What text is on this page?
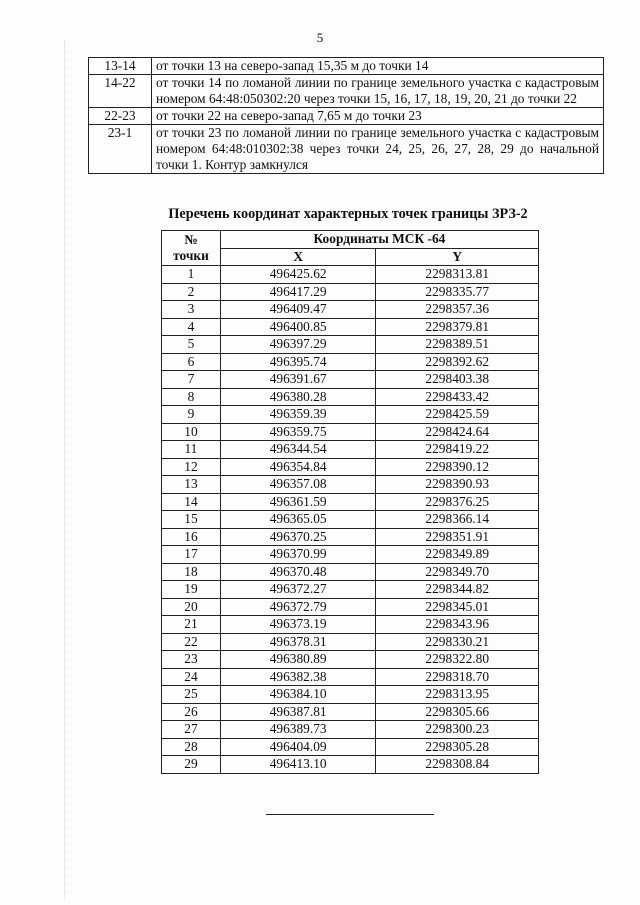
5
13-14	от точки 13 на северо-запад 15,35 м до точки 14
14-22	от точки 14 по ломаной линии по границе земельного участка с кадастровым номером 64:48:050302:20 через точки 15, 16, 17, 18, 19, 20, 21 до точки 22
22-23	от точки 22 на северо-запад 7,65 м до точки 23
23-1	от точки 23 по ломаной линии по границе земельного участка с кадастровым номером 64:48:010302:38 через точки 24, 25, 26, 27, 28, 29 до начальной точки 1. Контур замкнулся
Перечень координат характерных точек границы ЗРЗ-2
№
точки	Координаты МСК -64	
	X	Y
1	496425.62	2298313.81
2	496417.29	2298335.77
3	496409.47	2298357.36
4	496400.85	2298379.81
5	496397.29	2298389.51
6	496395.74	2298392.62
7	496391.67	2298403.38
8	496380.28	2298433.42
9	496359.39	2298425.59
10	496359.75	2298424.64
11	496344.54	2298419.22
12	496354.84	2298390.12
13	496357.08	2298390.93
14	496361.59	2298376.25
15	496365.05	2298366.14
16	496370.25	2298351.91
17	496370.99	2298349.89
18	496370.48	2298349.70
19	496372.27	2298344.82
20	496372.79	2298345.01
21	496373.19	2298343.96
22	496378.31	2298330.21
23	496380.89	2298322.80
24	496382.38	2298318.70
25	496384.10	2298313.95
26	496387.81	2298305.66
27	496389.73	2298300.23
28	496404.09	2298305.28
29	496413.10	2298308.84
